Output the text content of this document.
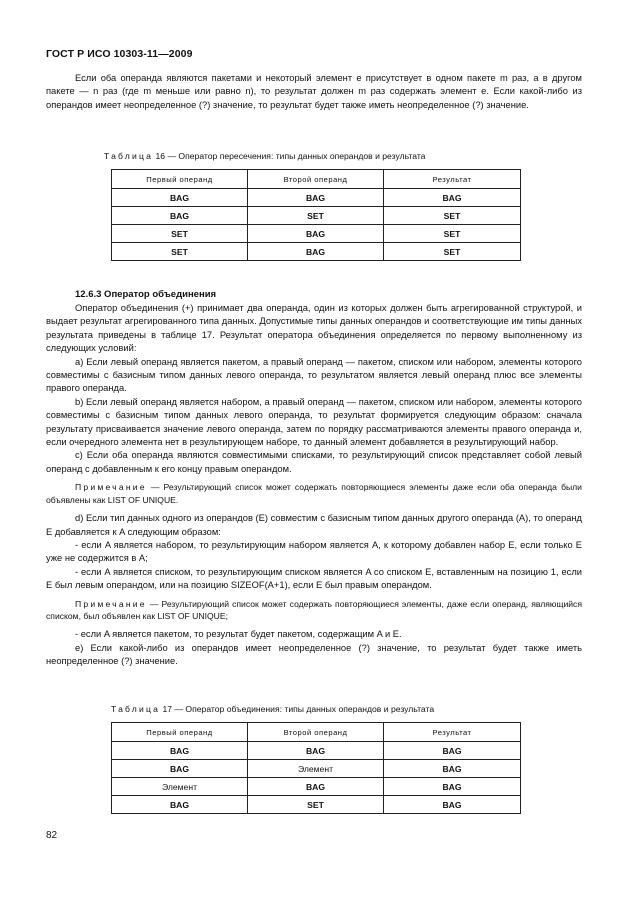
ГОСТ Р ИСО 10303-11—2009

Если оба операнда являются пакетами и некоторый элемент e присутствует в одном пакете m раз, а в другом пакете — n раз (где m меньше или равно n), то результат должен m раз содержать элемент e. Если какой-либо из операндов имеет неопределенное (?) значение, то результат будет также иметь неопределенное (?) значение.

Таблица 16 — Оператор пересечения: типы данных операндов и результата
Первый операнд	Второй операнд	Результат
BAG	BAG	BAG
BAG	SET	SET
SET	BAG	SET
SET	BAG	SET
12.6.3 Оператор объединения

Оператор объединения (+) принимает два операнда, один из которых должен быть агрегированной структурой, и выдает результат агрегированного типа данных. Допустимые типы данных операндов и соответствующие им типы данных результата приведены в таблице 17. Результат оператора объединения определяется по первому выполненному из следующих условий:

а) Если левый операнд является пакетом, а правый операнд — пакетом, списком или набором, элементы которого совместимы с базисным типом данных левого операнда, то результатом является левый операнд плюс все элементы правого операнда.

b) Если левый операнд является набором, а правый операнд — пакетом, списком или набором, элементы которого совместимы с базисным типом данных левого операнда, то результат формируется следующим образом: сначала результату присваивается значение левого операнда, затем по порядку рассматриваются элементы правого операнда и, если очередного элемента нет в результирующем наборе, то данный элемент добавляется в результирующий набор.

с) Если оба операнда являются совместимыми списками, то результирующий список представляет собой левый операнд с добавленным к его концу правым операндом.

Примечание — Результирующий список может содержать повторяющиеся элементы даже если оба операнда были объявлены как LIST OF UNIQUE.

d) Если тип данных одного из операндов (E) совместим с базисным типом данных другого операнда (A), то операнд E добавляется к A следующим образом:

- если A является набором, то результирующим набором является A, к которому добавлен набор E, если только E уже не содержится в A;

- если A является списком, то результирующим списком является A со списком E, вставленным на позицию 1, если E был левым операндом, или на позицию SIZEOF(A+1), если E был правым операндом.

Примечание — Результирующий список может содержать повторяющиеся элементы, даже если операнд, являющийся списком, был объявлен как LIST OF UNIQUE;

- если A является пакетом, то результат будет пакетом, содержащим A и E.

е) Если какой-либо из операндов имеет неопределенное (?) значение, то результат будет также иметь неопределенное (?) значение.

Таблица 17 — Оператор объединения: типы данных операндов и результата
Первый операнд	Второй операнд	Результат
BAG	BAG	BAG
BAG	Элемент	BAG
Элемент	BAG	BAG
BAG	SET	BAG
82
